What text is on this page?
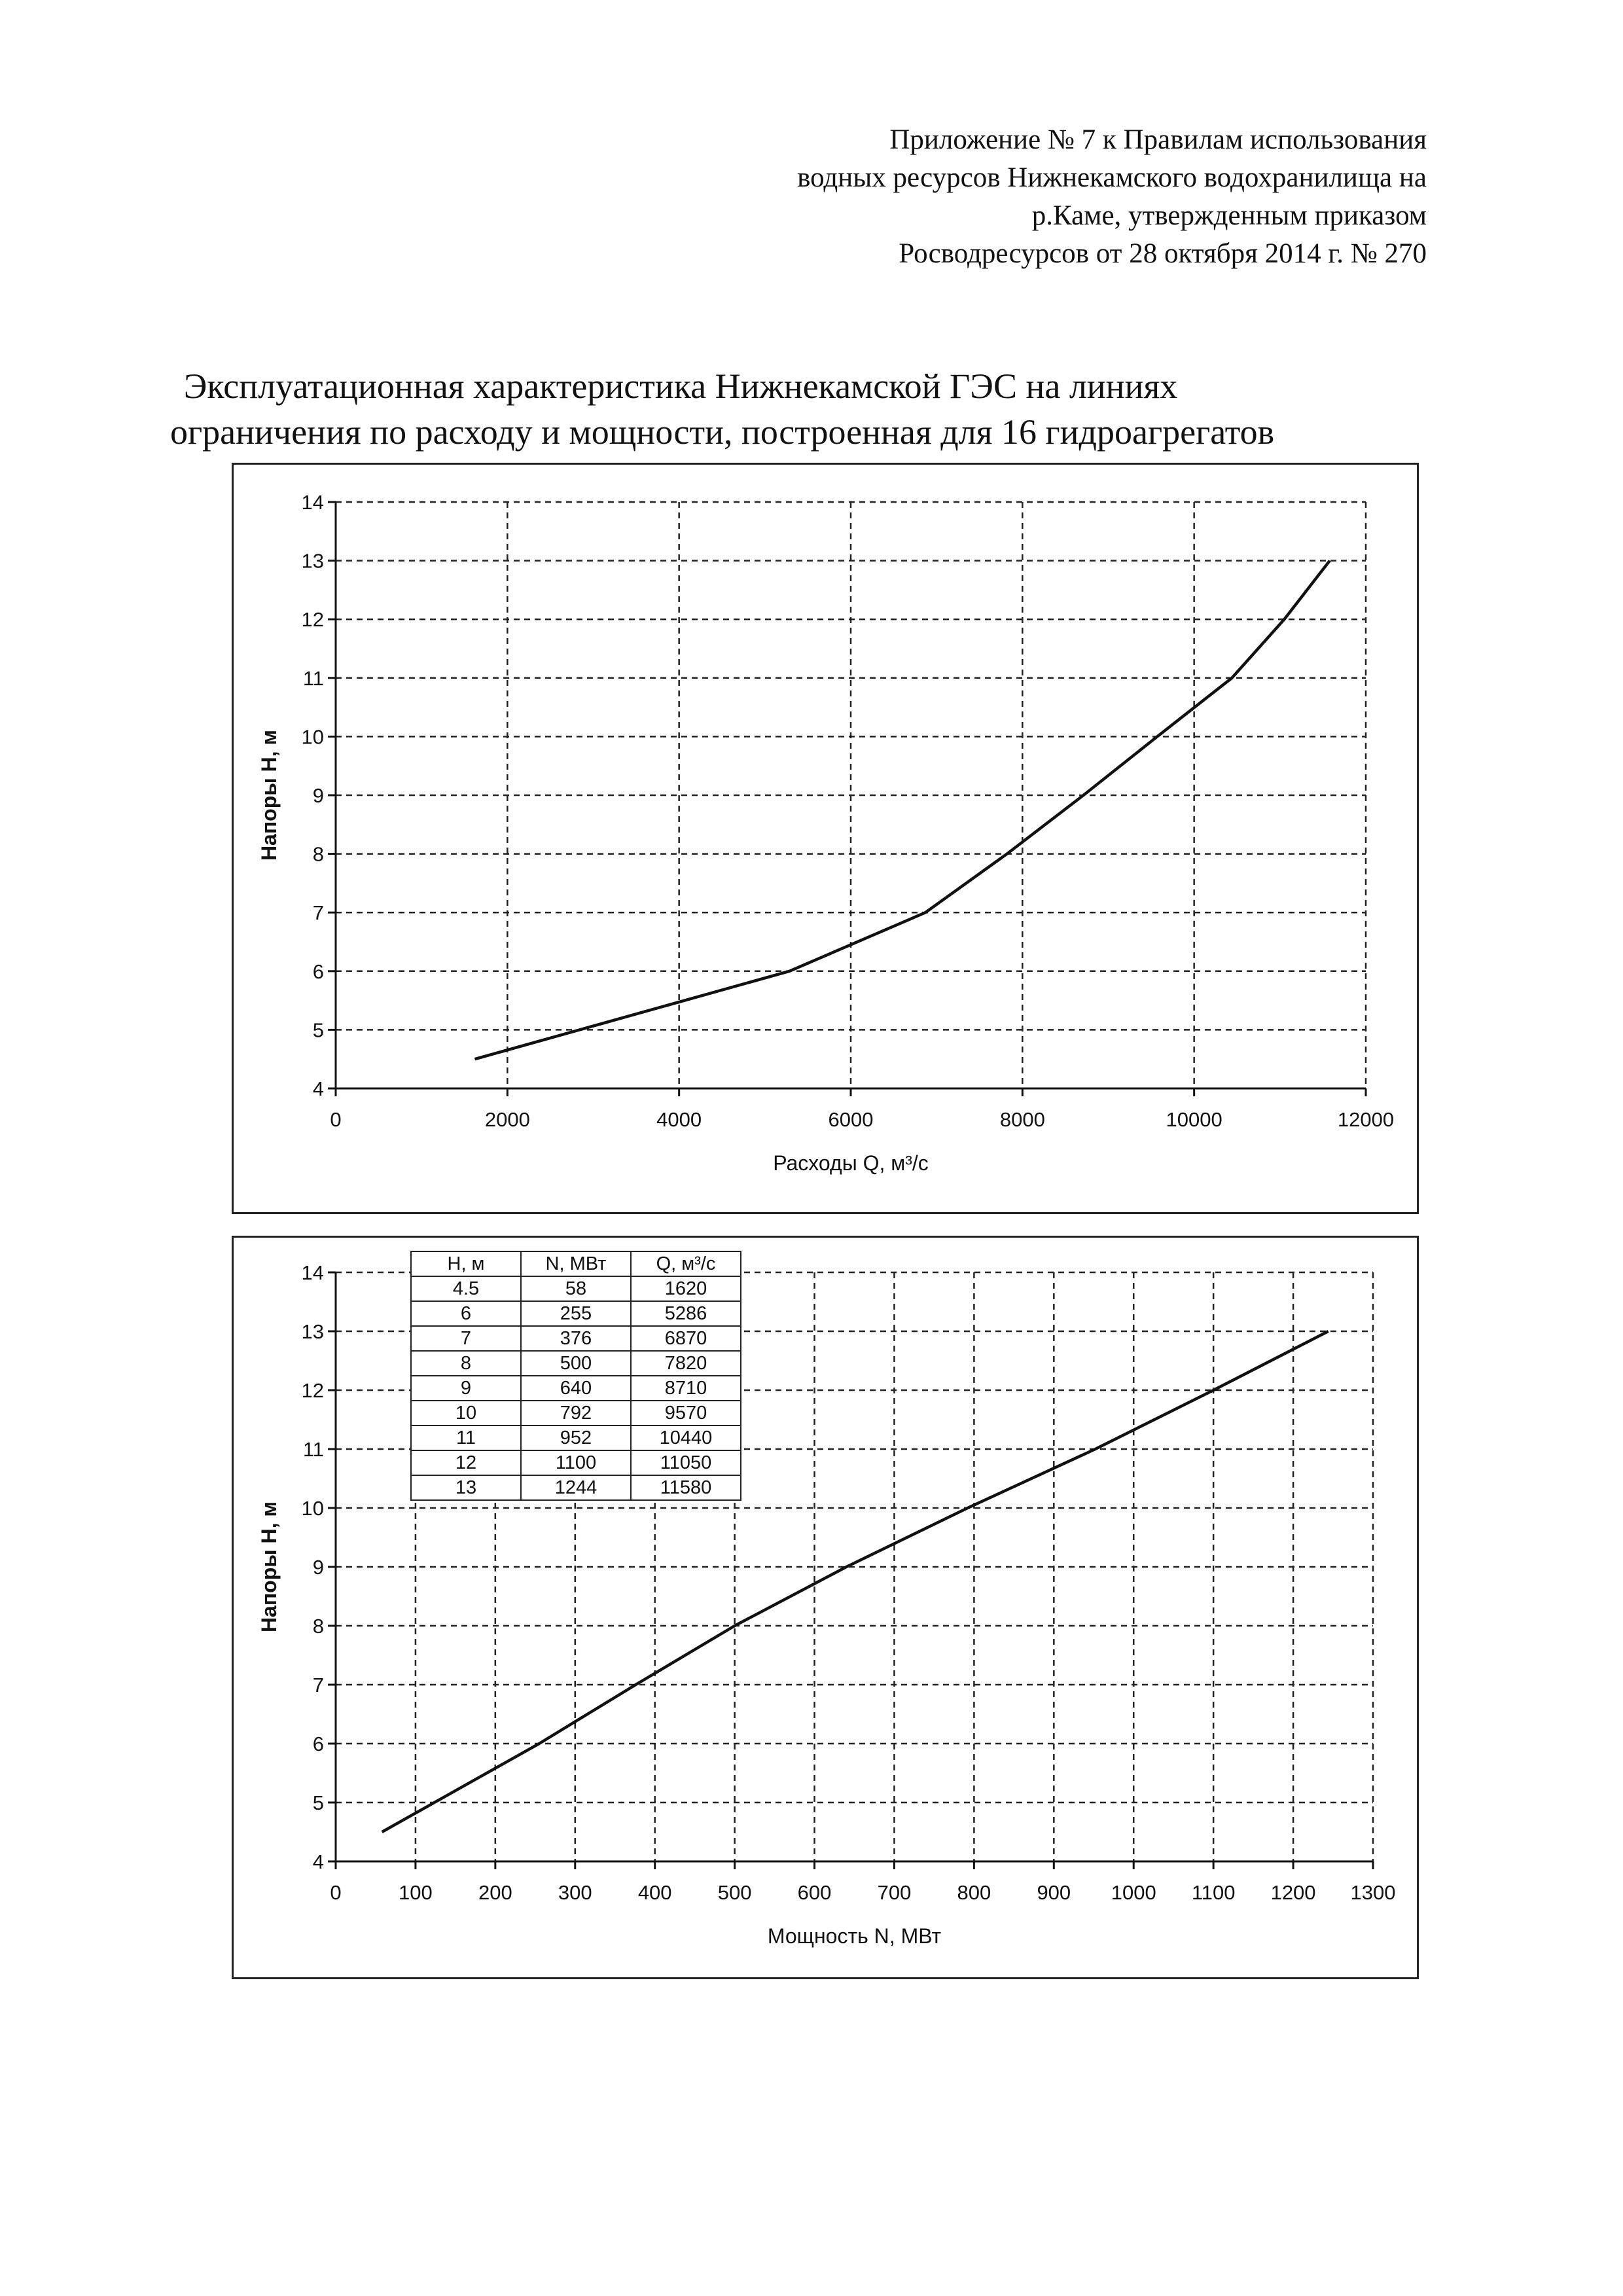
Приложение № 7 к Правилам использования
водных ресурсов Нижнекамского водохранилища на
р.Каме, утвержденным приказом
Росводресурсов от 28 октября 2014 г. № 270
Эксплуатационная характеристика Нижнекамской ГЭС на линиях
ограничения по расходу и мощности, построенная для 16 гидроагрегатов
4
5
6
7
8
9
10
11
12
13
14
0	2000	4000	6000	8000	10000	12000
Расходы Q, м³/с
Напоры H, м
4
5
6
7
8
9
10
11
12
13
14
0	100 200 300 400 500 600 700 800 900 1000 1100 1200 1300
Мощность N, МВт
Напоры H, м
H, м	N, МВт	Q, м³/с
4.5	58	1620
6	255	5286
7	376	6870
8	500	7820
9	640	8710
10	792	9570
11	952	10440
12	1100	11050
13	1244	11580
